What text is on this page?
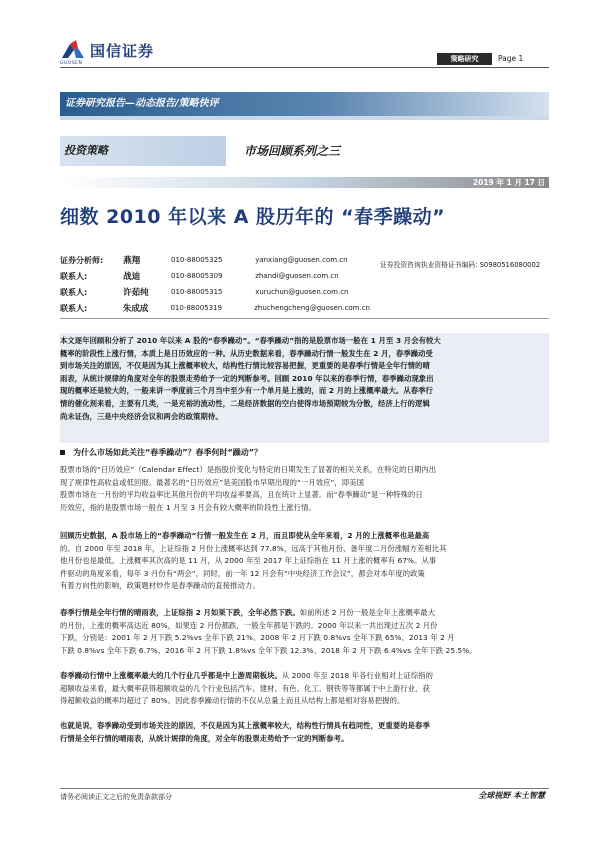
国信证券
GUOSEN
策略研究	Page 1
证券研究报告—动态报告/策略快评
投资策略	市场回顾系列之三
2019 年 1 月 17 日
细数 2010 年以来 A 股历年的 “春季躁动”
证券分析师:	燕翔	010-88005325	yanxiang@guosen.com.cn
联系人:	战迪	010-88005309	zhandi@guosen.com.cn
联系人:	许茹纯	010-88005315	xuruchun@guosen.com.cn
联系人:	朱成成	010-88005319	zhuchengcheng@guosen.com.cn
证券投资咨询执业资格证书编码: S0980516080002
本文逐年回顾和分析了 2010 年以来 A 股的“春季躁动”。“春季躁动”指的是股票市场一般在 1 月至 3 月会有较大
概率的阶段性上涨行情，本质上是日历效应的一种。从历史数据来看，春季躁动行情一般发生在 2 月，春季躁动受
到市场关注的原因，不仅是因为其上涨概率较大，结构性行情比较容易把握，更重要的是春季行情是全年行情的晴
雨表，从统计规律的角度对全年的股票走势给予一定的判断参考。回顾 2010 年以来的春季行情，春季躁动现象出
现的概率还是较大的，一般来讲一季度前三个月当中至少有一个单月是上涨的，而 2 月的上涨概率最大。从春季行
情的催化剂来看，主要有几类，一是充裕的流动性，二是经济数据的空白使得市场预期较为分散，经济上行的逻辑
尚未证伪，三是中央经济会议和两会的政策期待。
为什么市场如此关注“春季躁动”？春季何时“躁动”？
股票市场的“日历效应”（Calendar Effect）是指股价变化与特定的日期发生了显著的相关关系，在特定的日期内出
现了规律性高收益或低回报。最著名的“日历效应”是美国股市早期出现的“一月效应”，即美国
股票市场在一月份的平均收益率比其他月份的平均收益率要高，且在统计上显著。而“春季躁动”是一种特殊的日
历效应，指的是股票市场一般在 1 月至 3 月会有较大概率的阶段性上涨行情。
回顾历史数据，A 股市场上的“春季躁动”行情一般发生在 2 月，而且即使从全年来看，2 月的上涨概率也是最高
的。自 2000 年至 2018 年，上证综指 2 月份上涨概率达到 77.8%，远高于其他月份，备年度二月份涨幅方差相比其
他月份也是最低。上涨概率其次高的是 11 月，从 2000 年至 2017 年上证综指在 11 月上涨的概率有 67%。从事
件驱动的角度来看，每年 3 月份有“两会”，同时，前一年 12 月会有“中央经济工作会议”，都会对本年度的政策
有着方向性的影响，政策题材炒作是春季躁动的直接推动力。
春季行情是全年行情的晴雨表，上证综指 2 月如果下跌，全年必然下跌。如前所述 2 月份一般是全年上涨概率最大
的月份，上涨的概率高达近 80%，如果连 2 月份都跌，一般全年都是下跌的。2000 年以来一共出现过五次 2 月份
下跌，分别是：2001 年 2 月下跌 5.2%vs 全年下跌 21%、2008 年 2 月下跌 0.8%vs 全年下跌 65%、2013 年 2 月
下跌 0.8%vs 全年下跌 6.7%、2016 年 2 月下跌 1.8%vs 全年下跌 12.3%、2018 年 2 月下跌 6.4%vs 全年下跌 25.5%。
春季躁动行情中上涨概率最大的几个行业几乎都是中上游周期板块。从 2000 年至 2018 年各行业相对上证综指的
超额收益来看，最大概率获得超额收益的几个行业包括汽车、建材、有色、化工、钢铁等等都属于中上游行业，获
得超额收益的概率均超过了 80%。因此春季躁动行情的不仅从总量上而且从结构上都是相对容易把握的。
也就是说，春季躁动受到市场关注的原因，不仅是因为其上涨概率较大，结构性行情具有趋同性，更重要的是春季
行情是全年行情的晴雨表，从统计规律的角度，对全年的股票走势给予一定的判断参考。
请务必阅读正文之后的免责条款部分	全球视野 本土智慧
